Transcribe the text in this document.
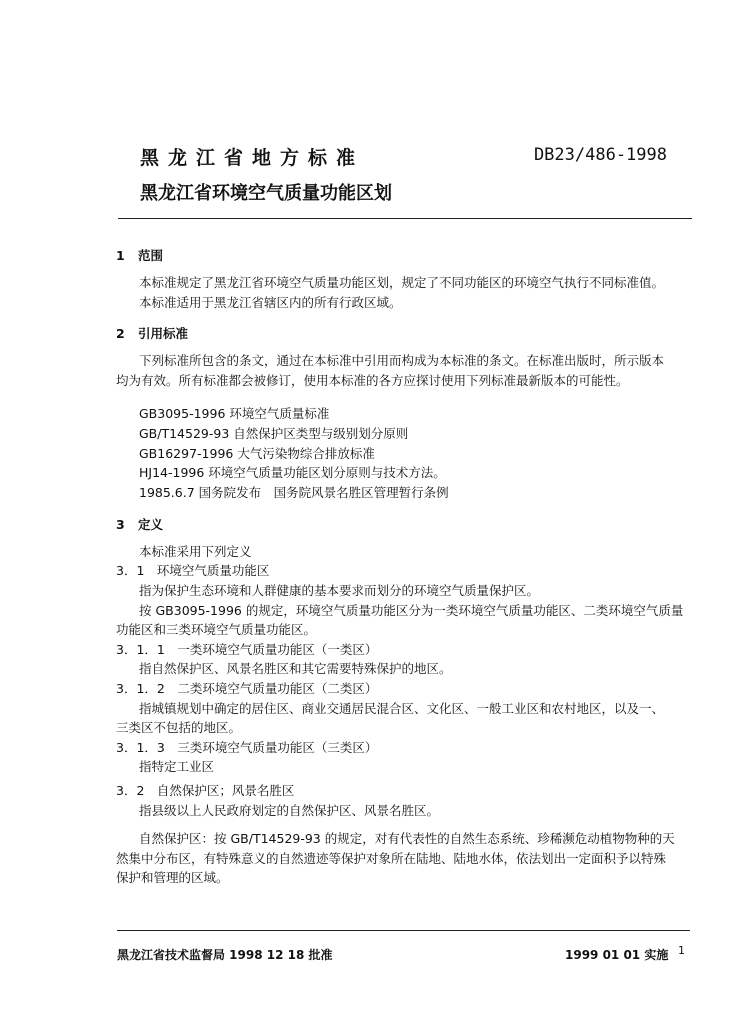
黑龙江省地方标准	DB23/486-1998
黑龙江省环境空气质量功能区划
1 范围
本标准规定了黑龙江省环境空气质量功能区划，规定了不同功能区的环境空气执行不同标准值。
本标准适用于黑龙江省辖区内的所有行政区域。
2 引用标准
下列标准所包含的条文，通过在本标准中引用而构成为本标准的条文。在标准出版时，所示版本
均为有效。所有标准都会被修订，使用本标准的各方应探讨使用下列标准最新版本的可能性。
GB3095-1996 环境空气质量标准
GB/T14529-93 自然保护区类型与级别划分原则
GB16297-1996 大气污染物综合排放标准
HJ14-1996 环境空气质量功能区划分原则与技术方法。
1985.6.7 国务院发布　国务院风景名胜区管理暂行条例
3 定义
本标准采用下列定义
3．1　环境空气质量功能区
指为保护生态环境和人群健康的基本要求而划分的环境空气质量保护区。
按 GB3095-1996 的规定，环境空气质量功能区分为一类环境空气质量功能区、二类环境空气质量
功能区和三类环境空气质量功能区。
3．1．1　一类环境空气质量功能区（一类区）
指自然保护区、风景名胜区和其它需要特殊保护的地区。
3．1．2　二类环境空气质量功能区（二类区）
指城镇规划中确定的居住区、商业交通居民混合区、文化区、一般工业区和农村地区，以及一、
三类区不包括的地区。
3．1．3　三类环境空气质量功能区（三类区）
指特定工业区
3．2　自然保护区；风景名胜区
指县级以上人民政府划定的自然保护区、风景名胜区。
自然保护区：按 GB/T14529-93 的规定，对有代表性的自然生态系统、珍稀濒危动植物物种的天
然集中分布区，有特殊意义的自然遗迹等保护对象所在陆地、陆地水体，依法划出一定面积予以特殊
保护和管理的区域。
黑龙江省技术监督局 1998 12 18 批准	1999 01 01 实施 1
